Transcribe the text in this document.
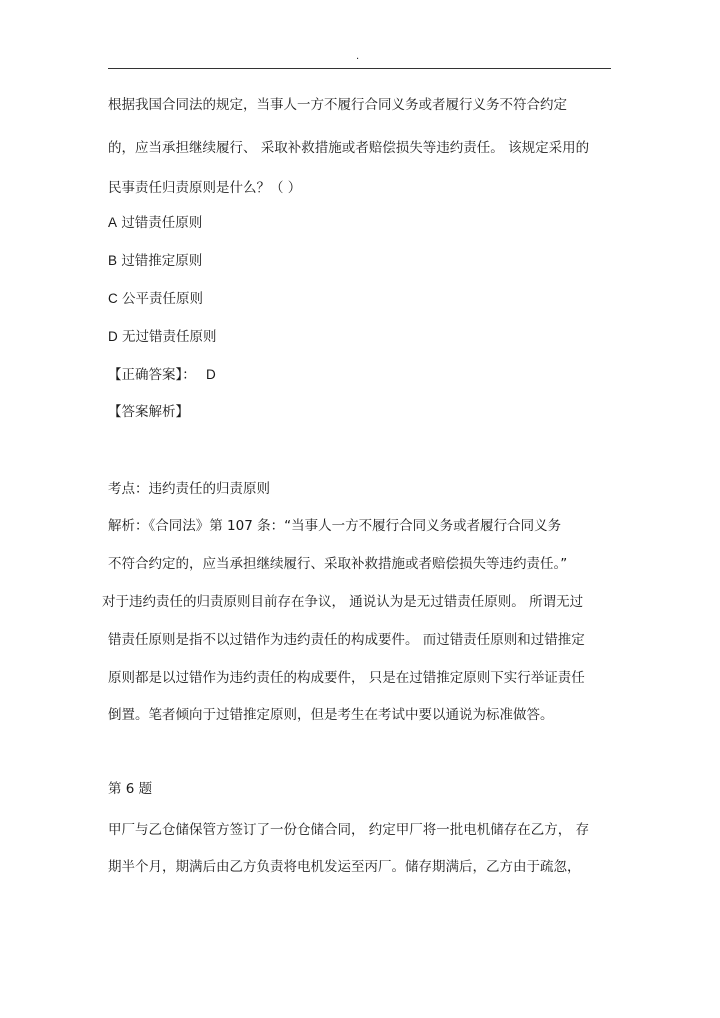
.
根据我国合同法的规定，当事人一方不履行合同义务或者履行义务不符合约定
的，应当承担继续履行、 采取补救措施或者赔偿损失等违约责任。 该规定采用的
民事责任归责原则是什么？（ ）
A 过错责任原则
B 过错推定原则
C 公平责任原则
D 无过错责任原则
【正确答案】： D
【答案解析】
考点：违约责任的归责原则
解析：《合同法》第 107 条：“当事人一方不履行合同义务或者履行合同义务
不符合约定的，应当承担继续履行、采取补救措施或者赔偿损失等违约责任。”
对于违约责任的归责原则目前存在争议， 通说认为是无过错责任原则。 所谓无过
错责任原则是指不以过错作为违约责任的构成要件。 而过错责任原则和过错推定
原则都是以过错作为违约责任的构成要件， 只是在过错推定原则下实行举证责任
倒置。笔者倾向于过错推定原则，但是考生在考试中要以通说为标准做答。
第 6 题
甲厂与乙仓储保管方签订了一份仓储合同， 约定甲厂将一批电机储存在乙方， 存
期半个月，期满后由乙方负责将电机发运至丙厂。储存期满后，乙方由于疏忽，
